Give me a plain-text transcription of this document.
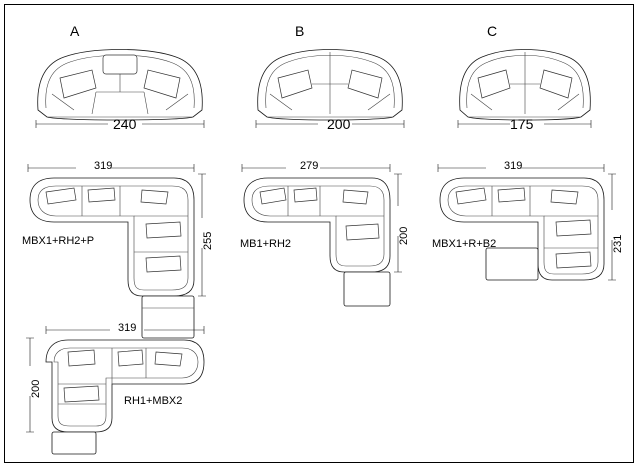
A
240
B
200
C
175
319
255
MBX1+RH2+P
279
200
MB1+RH2
319
231
MBX1+R+B2
319
200
RH1+MBX2
